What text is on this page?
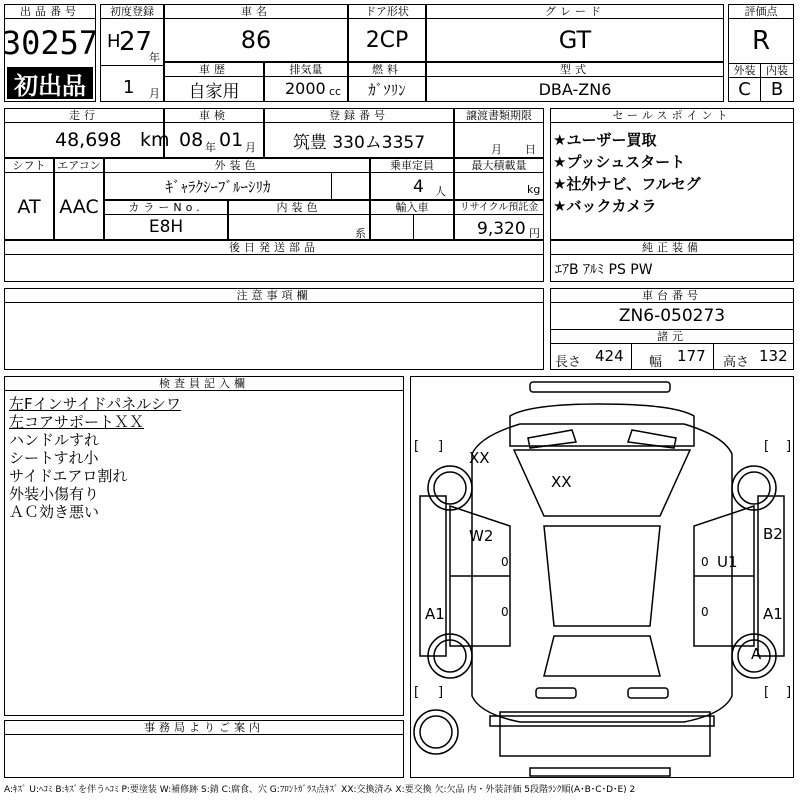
出品番号
30257
初出品
初度登録
H
27
年
1 月
車名
86
ドア形状
2CP
グレード
GT
車歴
自家用
排気量
2000 cc
燃料
ｶﾞｿﾘﾝ
型式
DBA-ZN6
評価点
R
外装 内装
C	B
走行
48,698 km
車検
08 年 01 月
登録番号
筑豊 330ム3357
譲渡書類期限
月 日
シフト
AT
エアコン
AAC
外装色
ｷﾞｬﾗｸｼｰﾌﾞﾙｰｼﾘｶ
乗車定員
4 人
最大積載量
kg
カラーNo.
E8H
内装色
系
輸入車	リサイクル預託金
9,320 円
後日発送部品
セールスポイント
★ユーザー買取
★プッシュスタート
★社外ナビ、フルセグ
★バックカメラ
純正装備
ｴｱB ｱﾙﾐ PS PW
注意事項欄	車台番号
ZN6-050273
諸元
長さ 424 幅 177 高さ 132
検査員記入欄
左Fインサイドパネルシワ
左コアサポートＸＸ
ハンドルすれ
シートすれ小
サイドエアロ割れ
外装小傷有り
ＡＣ効き悪い
事務局よりご案内
[ ]	[ ]
[ ]	[ ]
XX
XX
W2
U1
B2
A1	A1
A
0	0
0	0
A:ｷｽﾞ U:ﾍｺﾐ B:ｷｽﾞを伴うﾍｺﾐ P:要塗装 W:補修跡 S:錆 C:腐食、穴 G:ﾌﾛﾝﾄｶﾞﾗｽ点ｷｽﾞ XX:交換済み X:要交換 欠:欠品 内・外装評価 5段階ﾗﾝｸ順(A･B･C･D･E) 2
